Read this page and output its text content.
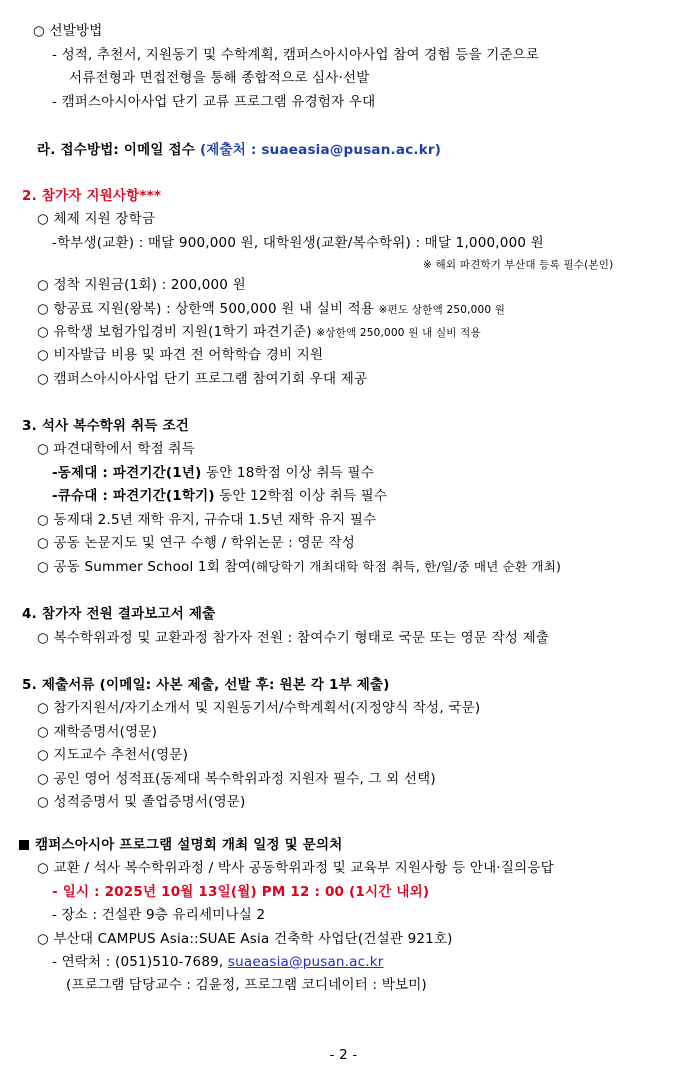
○ 선발방법
- 성적, 추천서, 지원동기 및 수학계획, 캠퍼스아시아사업 참여 경험 등을 기준으로
서류전형과 면접전형을 통해 종합적으로 심사·선발
- 캠퍼스아시아사업 단기 교류 프로그램 유경험자 우대
라. 접수방법: 이메일 접수 (제출처 : suaeasia@pusan.ac.kr)
2. 참가자 지원사항***
○ 체제 지원 장학금
-학부생(교환) : 매달 900,000 원, 대학원생(교환/복수학위) : 매달 1,000,000 원
※ 해외 파견학기 부산대 등록 필수(본인)
○ 정착 지원금(1회) : 200,000 원
○ 항공료 지원(왕복) : 상한액 500,000 원 내 실비 적용 ※편도 상한액 250,000 원
○ 유학생 보험가입경비 지원(1학기 파견기준) ※상한액 250,000 원 내 실비 적용
○ 비자발급 비용 및 파견 전 어학학습 경비 지원
○ 캠퍼스아시아사업 단기 프로그램 참여기회 우대 제공
3. 석사 복수학위 취득 조건
○ 파견대학에서 학점 취득
-동제대 : 파견기간(1년) 동안 18학점 이상 취득 필수
-큐슈대 : 파견기간(1학기) 동안 12학점 이상 취득 필수
○ 동제대 2.5년 재학 유지, 규슈대 1.5년 재학 유지 필수
○ 공동 논문지도 및 연구 수행 / 학위논문 : 영문 작성
○ 공동 Summer School 1회 참여(해당학기 개최대학 학점 취득, 한/일/중 매년 순환 개최)
4. 참가자 전원 결과보고서 제출
○ 복수학위과정 및 교환과정 참가자 전원 : 참여수기 형태로 국문 또는 영문 작성 제출
5. 제출서류 (이메일: 사본 제출, 선발 후: 원본 각 1부 제출)
○ 참가지원서/자기소개서 및 지원동기서/수학계획서(지정양식 작성, 국문)
○ 재학증명서(영문)
○ 지도교수 추천서(영문)
○ 공인 영어 성적표(동제대 복수학위과정 지원자 필수, 그 외 선택)
○ 성적증명서 및 졸업증명서(영문)
캠퍼스아시아 프로그램 설명회 개최 일정 및 문의처
○ 교환 / 석사 복수학위과정 / 박사 공동학위과정 및 교육부 지원사항 등 안내·질의응답
- 일시 : 2025년 10월 13일(월) PM 12 : 00 (1시간 내외)
- 장소 : 건설관 9층 유리세미나실 2
○ 부산대 CAMPUS Asia::SUAE Asia 건축학 사업단(건설관 921호)
- 연락처 : (051)510-7689, suaeasia@pusan.ac.kr
(프로그램 담당교수 : 김윤정, 프로그램 코디네이터 : 박보미)
- 2 -
